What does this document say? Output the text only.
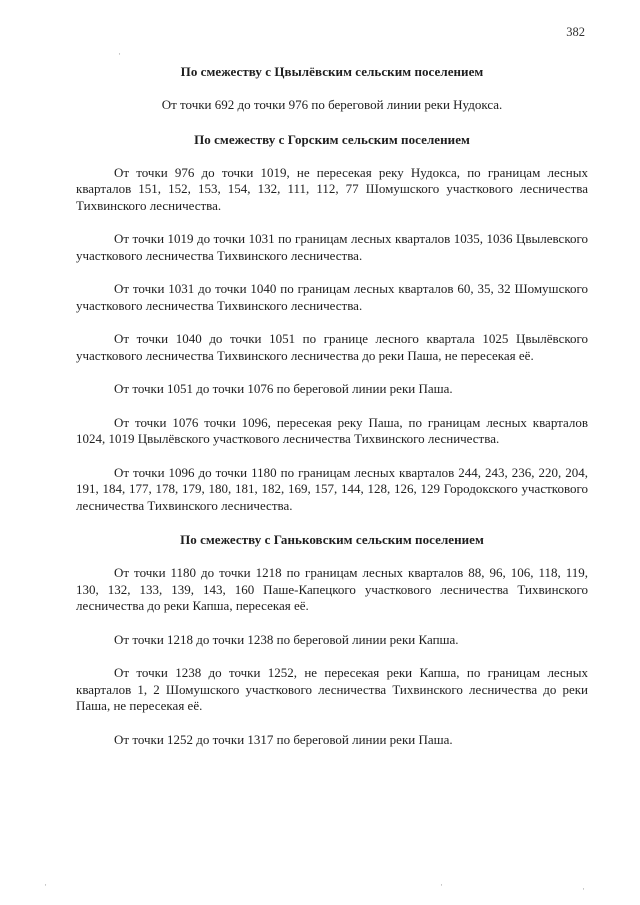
382

По смежеству с Цвылёвским сельским поселением

От точки 692 до точки 976 по береговой линии реки Нудокса.

По смежеству с Горским сельским поселением

От точки 976 до точки 1019, не пересекая реку Нудокса, по границам лесных кварталов 151, 152, 153, 154, 132, 111, 112, 77 Шомушского участкового лесничества Тихвинского лесничества.

От точки 1019 до точки 1031 по границам лесных кварталов 1035, 1036 Цвылевского участкового лесничества Тихвинского лесничества.

От точки 1031 до точки 1040 по границам лесных кварталов 60, 35, 32 Шомушского участкового лесничества Тихвинского лесничества.

От точки 1040 до точки 1051 по границе лесного квартала 1025 Цвылёвского участкового лесничества Тихвинского лесничества до реки Паша, не пересекая её.

От точки 1051 до точки 1076 по береговой линии реки Паша.

От точки 1076 точки 1096, пересекая реку Паша, по границам лесных кварталов 1024, 1019 Цвылёвского участкового лесничества Тихвинского лесничества.

От точки 1096 до точки 1180 по границам лесных кварталов 244, 243, 236, 220, 204, 191, 184, 177, 178, 179, 180, 181, 182, 169, 157, 144, 128, 126, 129 Городокского участкового лесничества Тихвинского лесничества.

По смежеству с Ганьковским сельским поселением

От точки 1180 до точки 1218 по границам лесных кварталов 88, 96, 106, 118, 119, 130, 132, 133, 139, 143, 160 Паше-Капецкого участкового лесничества Тихвинского лесничества до реки Капша, пересекая её.

От точки 1218 до точки 1238 по береговой линии реки Капша.

От точки 1238 до точки 1252, не пересекая реки Капша, по границам лесных кварталов 1, 2 Шомушского участкового лесничества Тихвинского лесничества до реки Паша, не пересекая её.

От точки 1252 до точки 1317 по береговой линии реки Паша.

·
·	·	·
